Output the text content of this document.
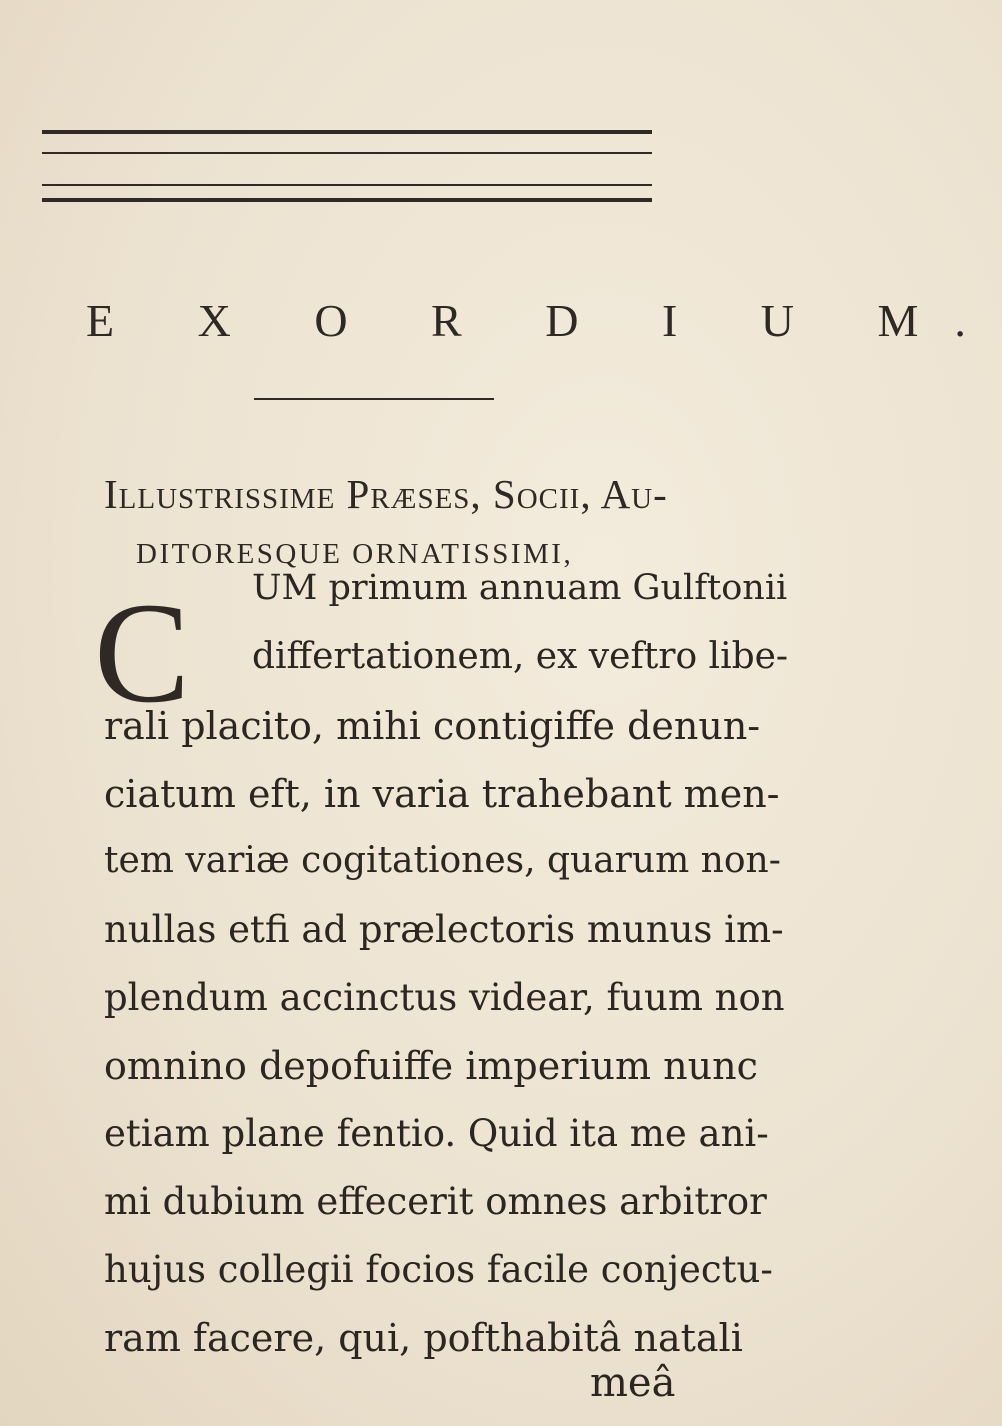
E X O R D I U M.
Illustrissime Præses, Socii, Au-
DITORESQUE ORNATISSIMI,
C UM primum annuam Gulftonii
differtationem, ex veftro libe-
rali placito, mihi contigiffe denun-
ciatum eft, in varia trahebant men-
tem variæ cogitationes, quarum non-
nullas etfi ad prælectoris munus im-
plendum accinctus videar, fuum non
omnino depofuiffe imperium nunc
etiam plane fentio. Quid ita me ani-
mi dubium effecerit omnes arbitror
hujus collegii focios facile conjectu-
ram facere, qui, pofthabitâ natali
meâ
